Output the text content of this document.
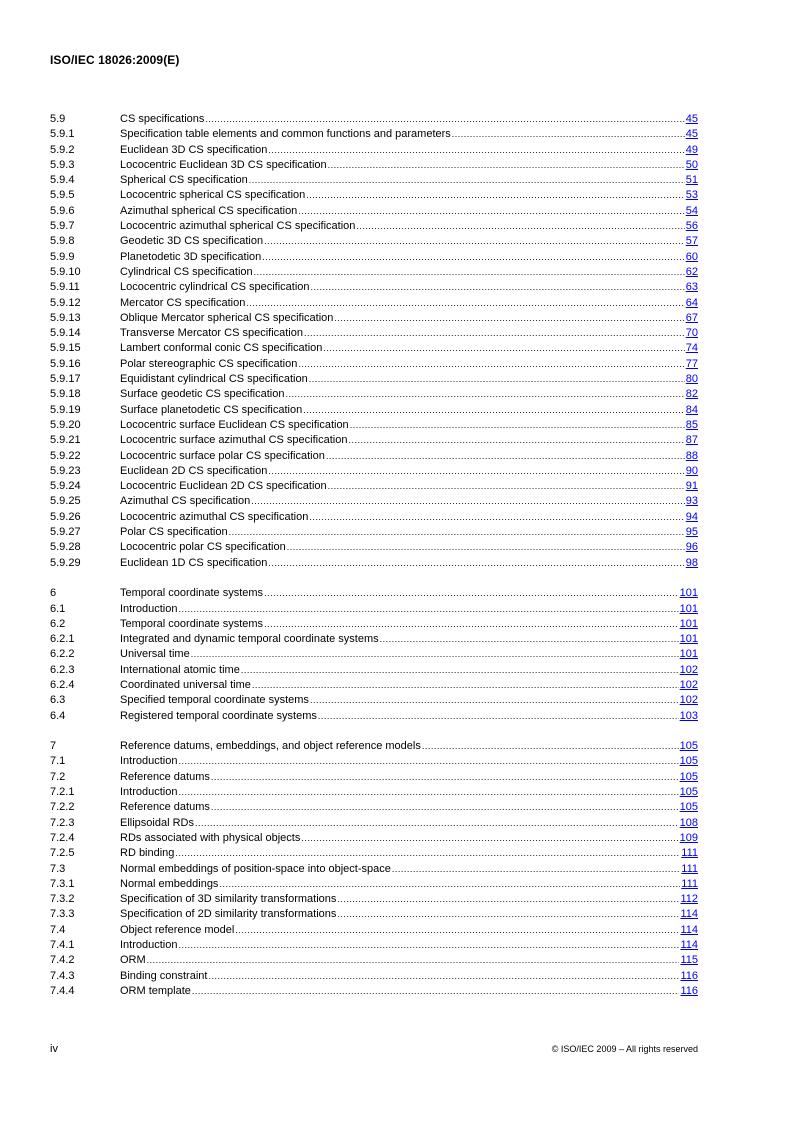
ISO/IEC 18026:2009(E)
5.9	CS specifications .....	45
5.9.1	Specification table elements and common functions and parameters .....	45
5.9.2	Euclidean 3D CS specification .....	49
5.9.3	Lococentric Euclidean 3D CS specification .....	50
5.9.4	Spherical CS specification .....	51
5.9.5	Lococentric spherical CS specification .....	53
5.9.6	Azimuthal spherical CS specification .....	54
5.9.7	Lococentric azimuthal spherical CS specification .....	56
5.9.8	Geodetic 3D CS specification .....	57
5.9.9	Planetodetic 3D specification .....	60
5.9.10	Cylindrical CS specification .....	62
5.9.11	Lococentric cylindrical CS specification .....	63
5.9.12	Mercator CS specification .....	64
5.9.13	Oblique Mercator spherical CS specification .....	67
5.9.14	Transverse Mercator CS specification .....	70
5.9.15	Lambert conformal conic CS specification .....	74
5.9.16	Polar stereographic CS specification .....	77
5.9.17	Equidistant cylindrical CS specification .....	80
5.9.18	Surface geodetic CS specification .....	82
5.9.19	Surface planetodetic CS specification .....	84
5.9.20	Lococentric surface Euclidean CS specification .....	85
5.9.21	Lococentric surface azimuthal CS specification .....	87
5.9.22	Lococentric surface polar CS specification .....	88
5.9.23	Euclidean 2D CS specification .....	90
5.9.24	Lococentric Euclidean 2D CS specification .....	91
5.9.25	Azimuthal CS specification .....	93
5.9.26	Lococentric azimuthal CS specification .....	94
5.9.27	Polar CS specification .....	95
5.9.28	Lococentric polar CS specification .....	96
5.9.29	Euclidean 1D CS specification .....	98
6	Temporal coordinate systems .....	101
6.1	Introduction .....	101
6.2	Temporal coordinate systems .....	101
6.2.1	Integrated and dynamic temporal coordinate systems .....	101
6.2.2	Universal time .....	101
6.2.3	International atomic time .....	102
6.2.4	Coordinated universal time .....	102
6.3	Specified temporal coordinate systems .....	102
6.4	Registered temporal coordinate systems .....	103
7	Reference datums, embeddings, and object reference models .....	105
7.1	Introduction .....	105
7.2	Reference datums .....	105
7.2.1	Introduction .....	105
7.2.2	Reference datums .....	105
7.2.3	Ellipsoidal RDs .....	108
7.2.4	RDs associated with physical objects .....	109
7.2.5	RD binding .....	111
7.3	Normal embeddings of position-space into object-space .....	111
7.3.1	Normal embeddings .....	111
7.3.2	Specification of 3D similarity transformations .....	112
7.3.3	Specification of 2D similarity transformations .....	114
7.4	Object reference model .....	114
7.4.1	Introduction .....	114
7.4.2	ORM .....	115
7.4.3	Binding constraint .....	116
7.4.4	ORM template .....	116
iv	© ISO/IEC 2009 – All rights reserved
